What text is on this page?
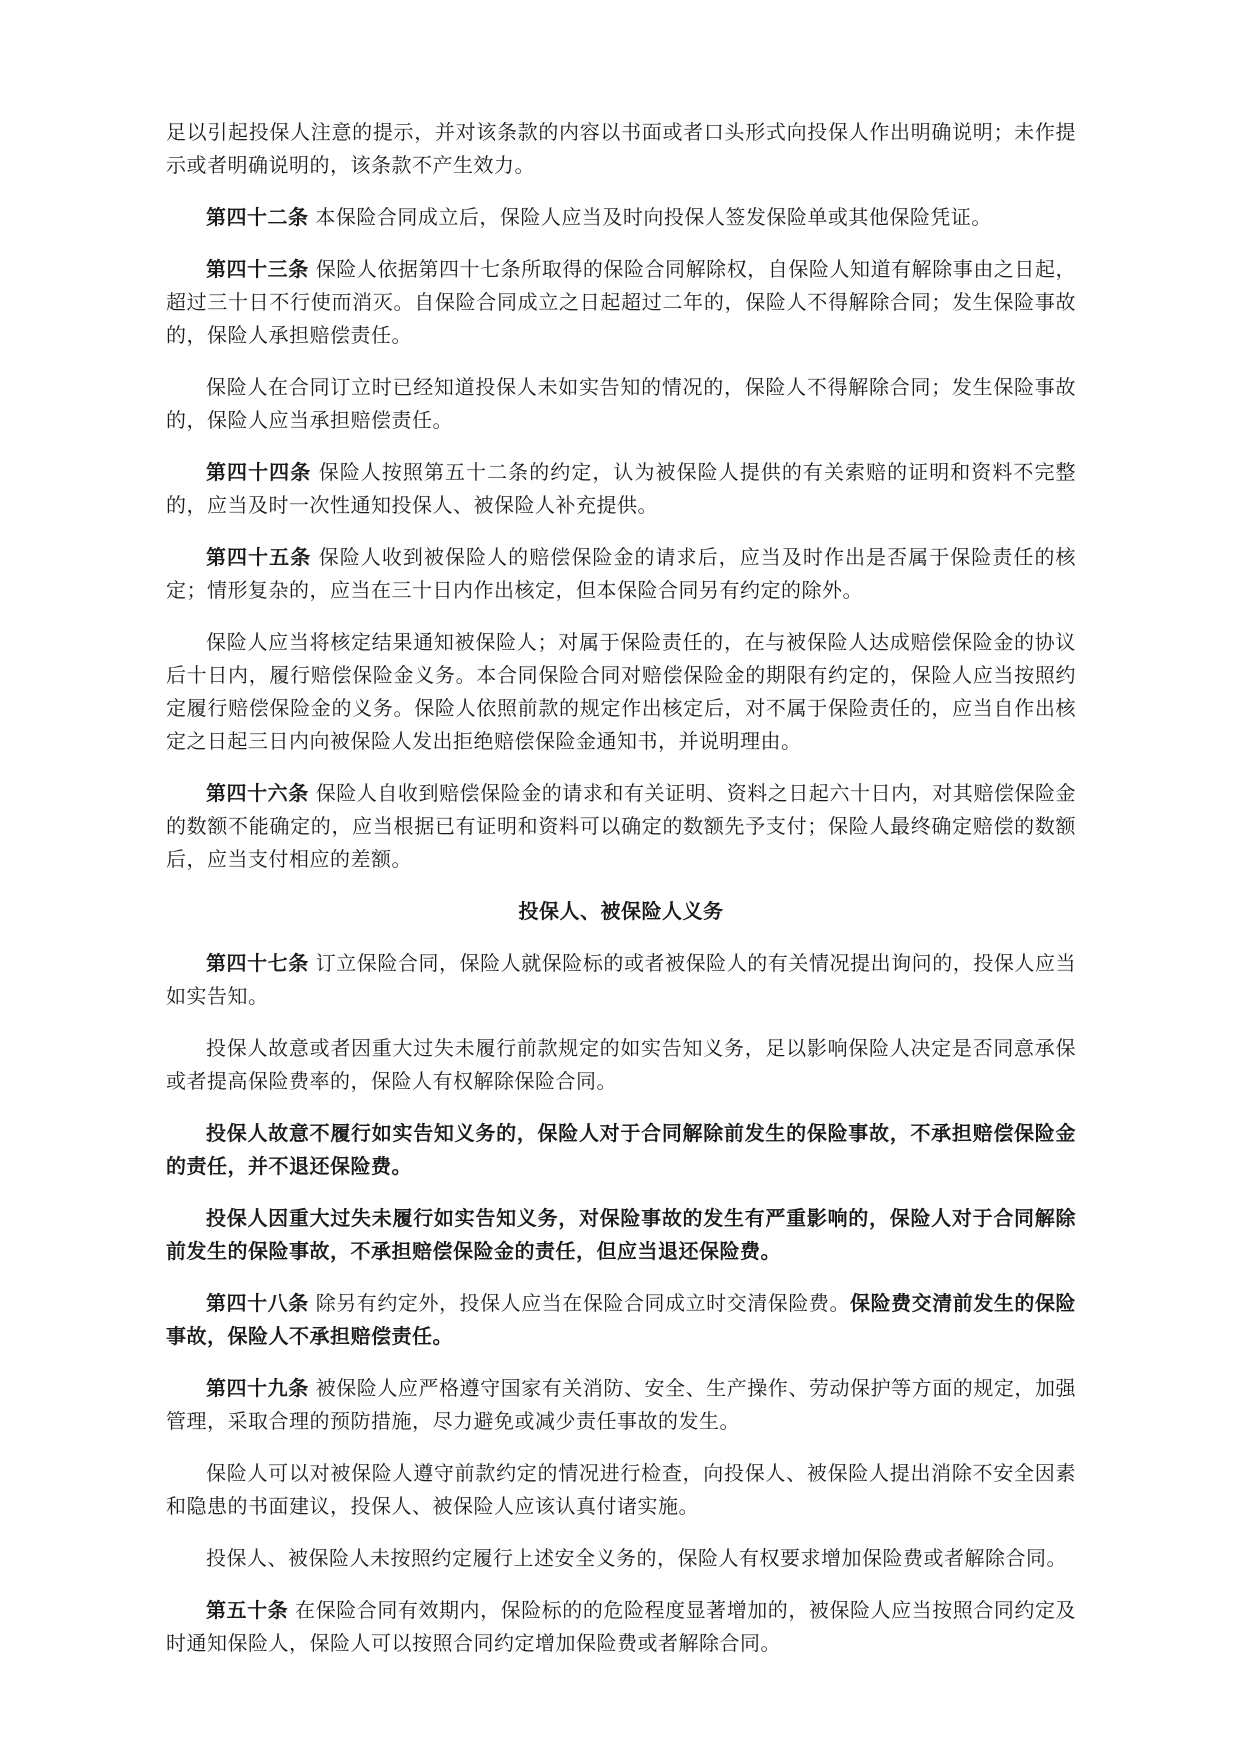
足以引起投保人注意的提示，并对该条款的内容以书面或者口头形式向投保人作出明确说明；未作提示或者明确说明的，该条款不产生效力。

第四十二条 本保险合同成立后，保险人应当及时向投保人签发保险单或其他保险凭证。

第四十三条 保险人依据第四十七条所取得的保险合同解除权，自保险人知道有解除事由之日起，超过三十日不行使而消灭。自保险合同成立之日起超过二年的，保险人不得解除合同；发生保险事故的，保险人承担赔偿责任。

保险人在合同订立时已经知道投保人未如实告知的情况的，保险人不得解除合同；发生保险事故的，保险人应当承担赔偿责任。

第四十四条 保险人按照第五十二条的约定，认为被保险人提供的有关索赔的证明和资料不完整的，应当及时一次性通知投保人、被保险人补充提供。

第四十五条 保险人收到被保险人的赔偿保险金的请求后，应当及时作出是否属于保险责任的核定；情形复杂的，应当在三十日内作出核定，但本保险合同另有约定的除外。

保险人应当将核定结果通知被保险人；对属于保险责任的，在与被保险人达成赔偿保险金的协议后十日内，履行赔偿保险金义务。本合同保险合同对赔偿保险金的期限有约定的，保险人应当按照约定履行赔偿保险金的义务。保险人依照前款的规定作出核定后，对不属于保险责任的，应当自作出核定之日起三日内向被保险人发出拒绝赔偿保险金通知书，并说明理由。

第四十六条 保险人自收到赔偿保险金的请求和有关证明、资料之日起六十日内，对其赔偿保险金的数额不能确定的，应当根据已有证明和资料可以确定的数额先予支付；保险人最终确定赔偿的数额后，应当支付相应的差额。

投保人、被保险人义务

第四十七条 订立保险合同，保险人就保险标的或者被保险人的有关情况提出询问的，投保人应当如实告知。

投保人故意或者因重大过失未履行前款规定的如实告知义务，足以影响保险人决定是否同意承保或者提高保险费率的，保险人有权解除保险合同。

投保人故意不履行如实告知义务的，保险人对于合同解除前发生的保险事故，不承担赔偿保险金的责任，并不退还保险费。

投保人因重大过失未履行如实告知义务，对保险事故的发生有严重影响的，保险人对于合同解除前发生的保险事故，不承担赔偿保险金的责任，但应当退还保险费。

第四十八条 除另有约定外，投保人应当在保险合同成立时交清保险费。保险费交清前发生的保险事故，保险人不承担赔偿责任。

第四十九条 被保险人应严格遵守国家有关消防、安全、生产操作、劳动保护等方面的规定，加强管理，采取合理的预防措施，尽力避免或减少责任事故的发生。

保险人可以对被保险人遵守前款约定的情况进行检查，向投保人、被保险人提出消除不安全因素和隐患的书面建议，投保人、被保险人应该认真付诸实施。

投保人、被保险人未按照约定履行上述安全义务的，保险人有权要求增加保险费或者解除合同。

第五十条 在保险合同有效期内，保险标的的危险程度显著增加的，被保险人应当按照合同约定及时通知保险人，保险人可以按照合同约定增加保险费或者解除合同。
